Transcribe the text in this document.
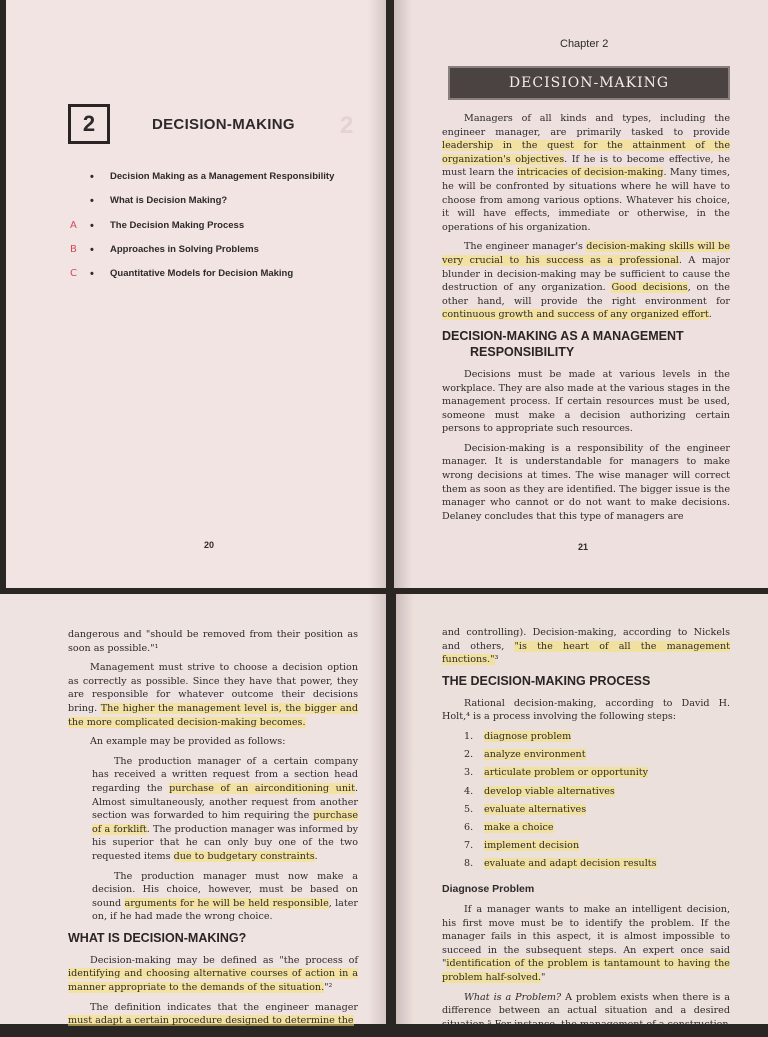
2	DECISION-MAKING 2
• Decision Making as a Management Responsibility
• What is Decision Making?
• A	The Decision Making Process
• B	Approaches in Solving Problems
• C	Quantitative Models for Decision Making
20
Chapter 2
DECISION-MAKING

Managers of all kinds and types, including the engineer manager, are primarily tasked to provide leadership in the quest for the attainment of the organization's objectives. If he is to become effective, he must learn the intricacies of decision-making. Many times, he will be confronted by situations where he will have to choose from among various options. Whatever his choice, it will have effects, immediate or otherwise, in the operations of his organization.

The engineer manager's decision-making skills will be very crucial to his success as a professional. A major blunder in decision-making may be sufficient to cause the destruction of any organization. Good decisions, on the other hand, will provide the right environment for continuous growth and success of any organized effort.

DECISION-MAKING AS A MANAGEMENT
RESPONSIBILITY

Decisions must be made at various levels in the workplace. They are also made at the various stages in the management process. If certain resources must be used, someone must make a decision authorizing certain persons to appropriate such resources.

Decision-making is a responsibility of the engineer manager. It is understandable for managers to make wrong decisions at times. The wise manager will correct them as soon as they are identified. The bigger issue is the manager who cannot or do not want to make decisions. Delaney concludes that this type of managers are

21

dangerous and "should be removed from their position as soon as possible."¹

Management must strive to choose a decision option as correctly as possible. Since they have that power, they are responsible for whatever outcome their decisions bring. The higher the management level is, the bigger and the more complicated decision-making becomes.

An example may be provided as follows:

The production manager of a certain company has received a written request from a section head regarding the purchase of an airconditioning unit. Almost simultaneously, another request from another section was forwarded to him requiring the purchase of a forklift. The production manager was informed by his superior that he can only buy one of the two requested items due to budgetary constraints.

The production manager must now make a decision. His choice, however, must be based on sound arguments for he will be held responsible, later on, if he had made the wrong choice.

WHAT IS DECISION-MAKING?

Decision-making may be defined as "the process of identifying and choosing alternative courses of action in a manner appropriate to the demands of the situation."²

The definition indicates that the engineer manager must adapt a certain procedure designed to determine the

and controlling). Decision-making, according to Nickels and others, "is the heart of all the management functions."³

THE DECISION-MAKING PROCESS

Rational decision-making, according to David H. Holt,⁴ is a process involving the following steps:

1. diagnose problem
2. analyze environment
3. articulate problem or opportunity
4. develop viable alternatives
5. evaluate alternatives
6. make a choice
7. implement decision
8. evaluate and adapt decision results
Diagnose Problem

If a manager wants to make an intelligent decision, his first move must be to identify the problem. If the manager fails in this aspect, it is almost impossible to succeed in the subsequent steps. An expert once said "identification of the problem is tantamount to having the problem half-solved."

What is a Problem? A problem exists when there is a difference between an actual situation and a desired situation.⁵ For instance, the management of a construction
